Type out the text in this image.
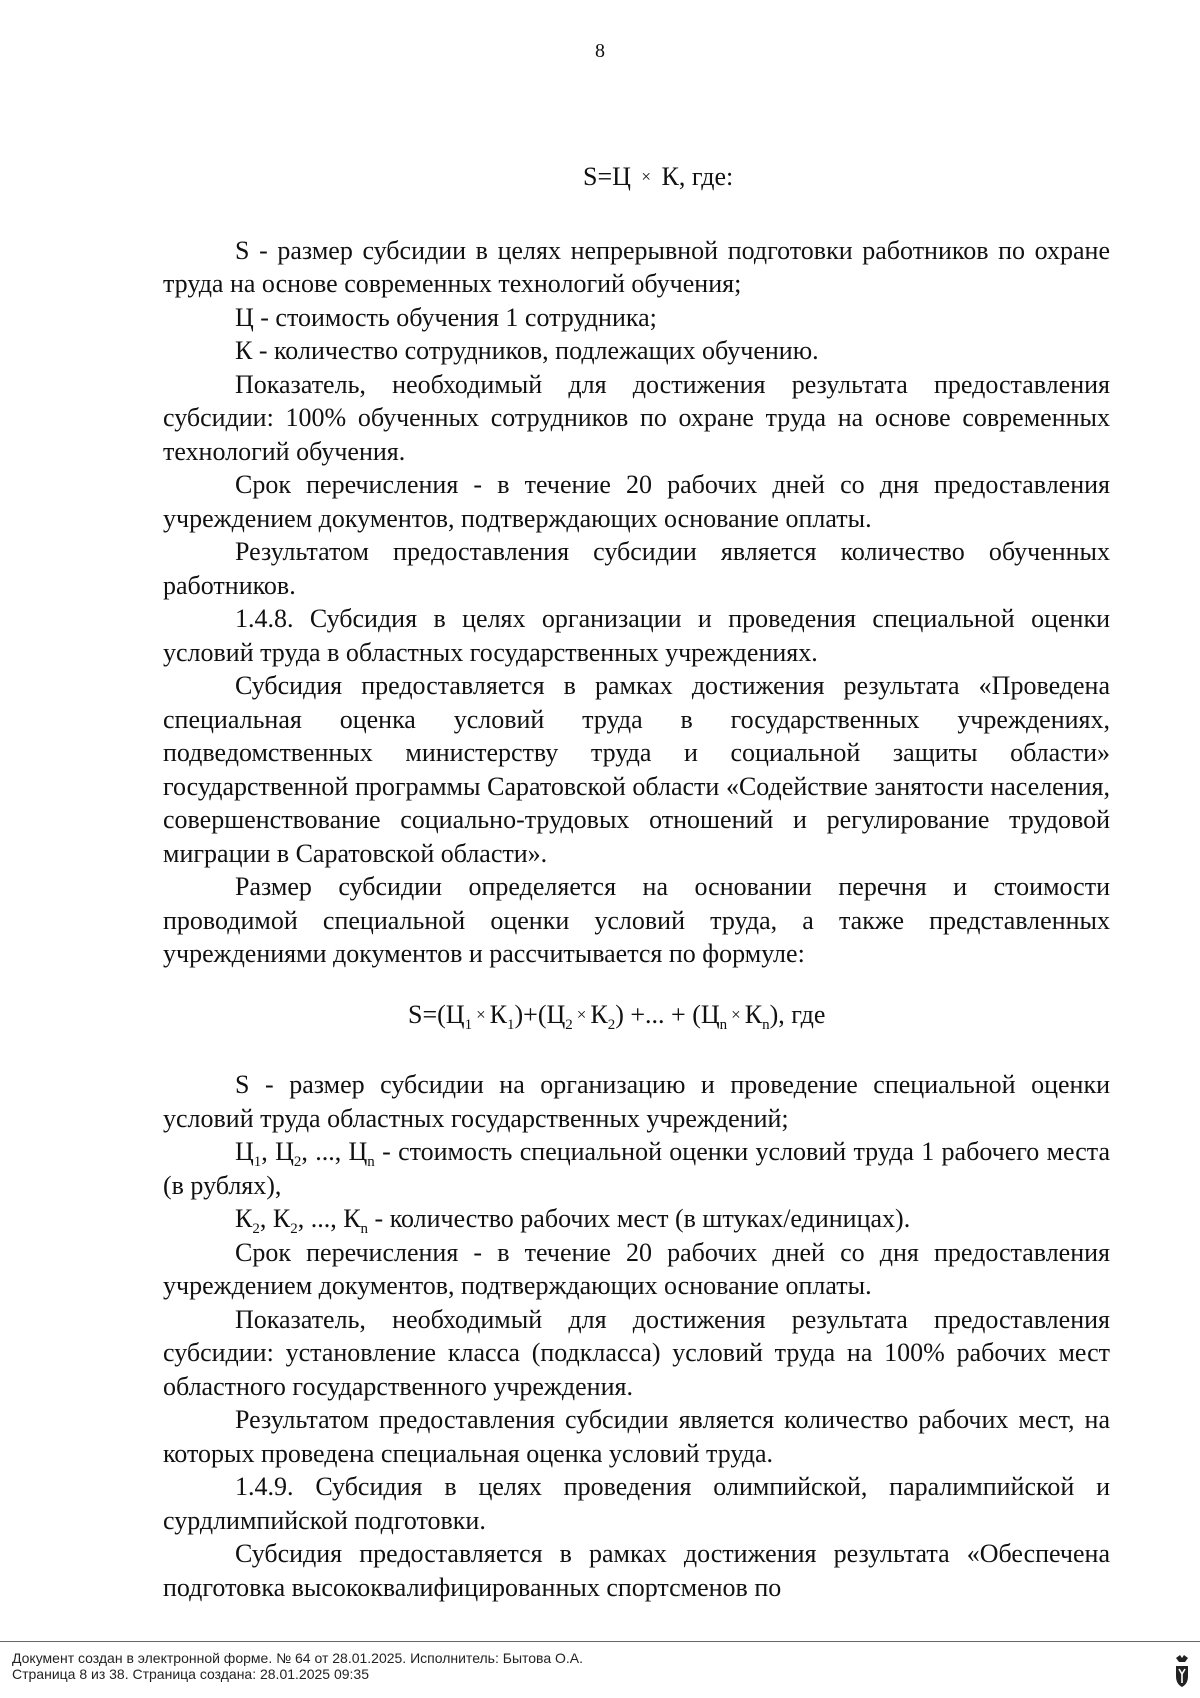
8

S=Ц × К, где:

S - размер субсидии в целях непрерывной подготовки работников по охране труда на основе современных технологий обучения;

Ц - стоимость обучения 1 сотрудника;

К - количество сотрудников, подлежащих обучению.

Показатель, необходимый для достижения результата предоставления субсидии: 100% обученных сотрудников по охране труда на основе современных технологий обучения.

Срок перечисления - в течение 20 рабочих дней со дня предоставления учреждением документов, подтверждающих основание оплаты.

Результатом предоставления субсидии является количество обученных работников.

1.4.8. Субсидия в целях организации и проведения специальной оценки условий труда в областных государственных учреждениях.

Субсидия предоставляется в рамках достижения результата «Проведена специальная оценка условий труда в государственных учреждениях, подведомственных министерству труда и социальной защиты области» государственной программы Саратовской области «Содействие занятости населения, совершенствование социально-трудовых отношений и регулирование трудовой миграции в Саратовской области».

Размер субсидии определяется на основании перечня и стоимости проводимой специальной оценки условий труда, а также представленных учреждениями документов и рассчитывается по формуле:

$S=(Ц_1\times К_1)+(Ц_2\times К_2)$ +... + $(Ц_n\times К_n)$, где

S - размер субсидии на организацию и проведение специальной оценки условий труда областных государственных учреждений;

$Ц_1$, $Ц_2$, ..., $Ц_n$ - стоимость специальной оценки условий труда 1 рабочего места (в рублях),

$К_2$, $К_2$, ..., $К_n$ - количество рабочих мест (в штуках/единицах).

Срок перечисления - в течение 20 рабочих дней со дня предоставления учреждением документов, подтверждающих основание оплаты.

Показатель, необходимый для достижения результата предоставления субсидии: установление класса (подкласса) условий труда на 100% рабочих мест областного государственного учреждения.

Результатом предоставления субсидии является количество рабочих мест, на которых проведена специальная оценка условий труда.

1.4.9. Субсидия в целях проведения олимпийской, паралимпийской и сурдлимпийской подготовки.

Субсидия предоставляется в рамках достижения результата «Обеспечена подготовка высококвалифицированных спортсменов по

Документ создан в электронной форме. № 64 от 28.01.2025. Исполнитель: Бытова О.А.
Страница 8 из 38. Страница создана: 28.01.2025 09:35
